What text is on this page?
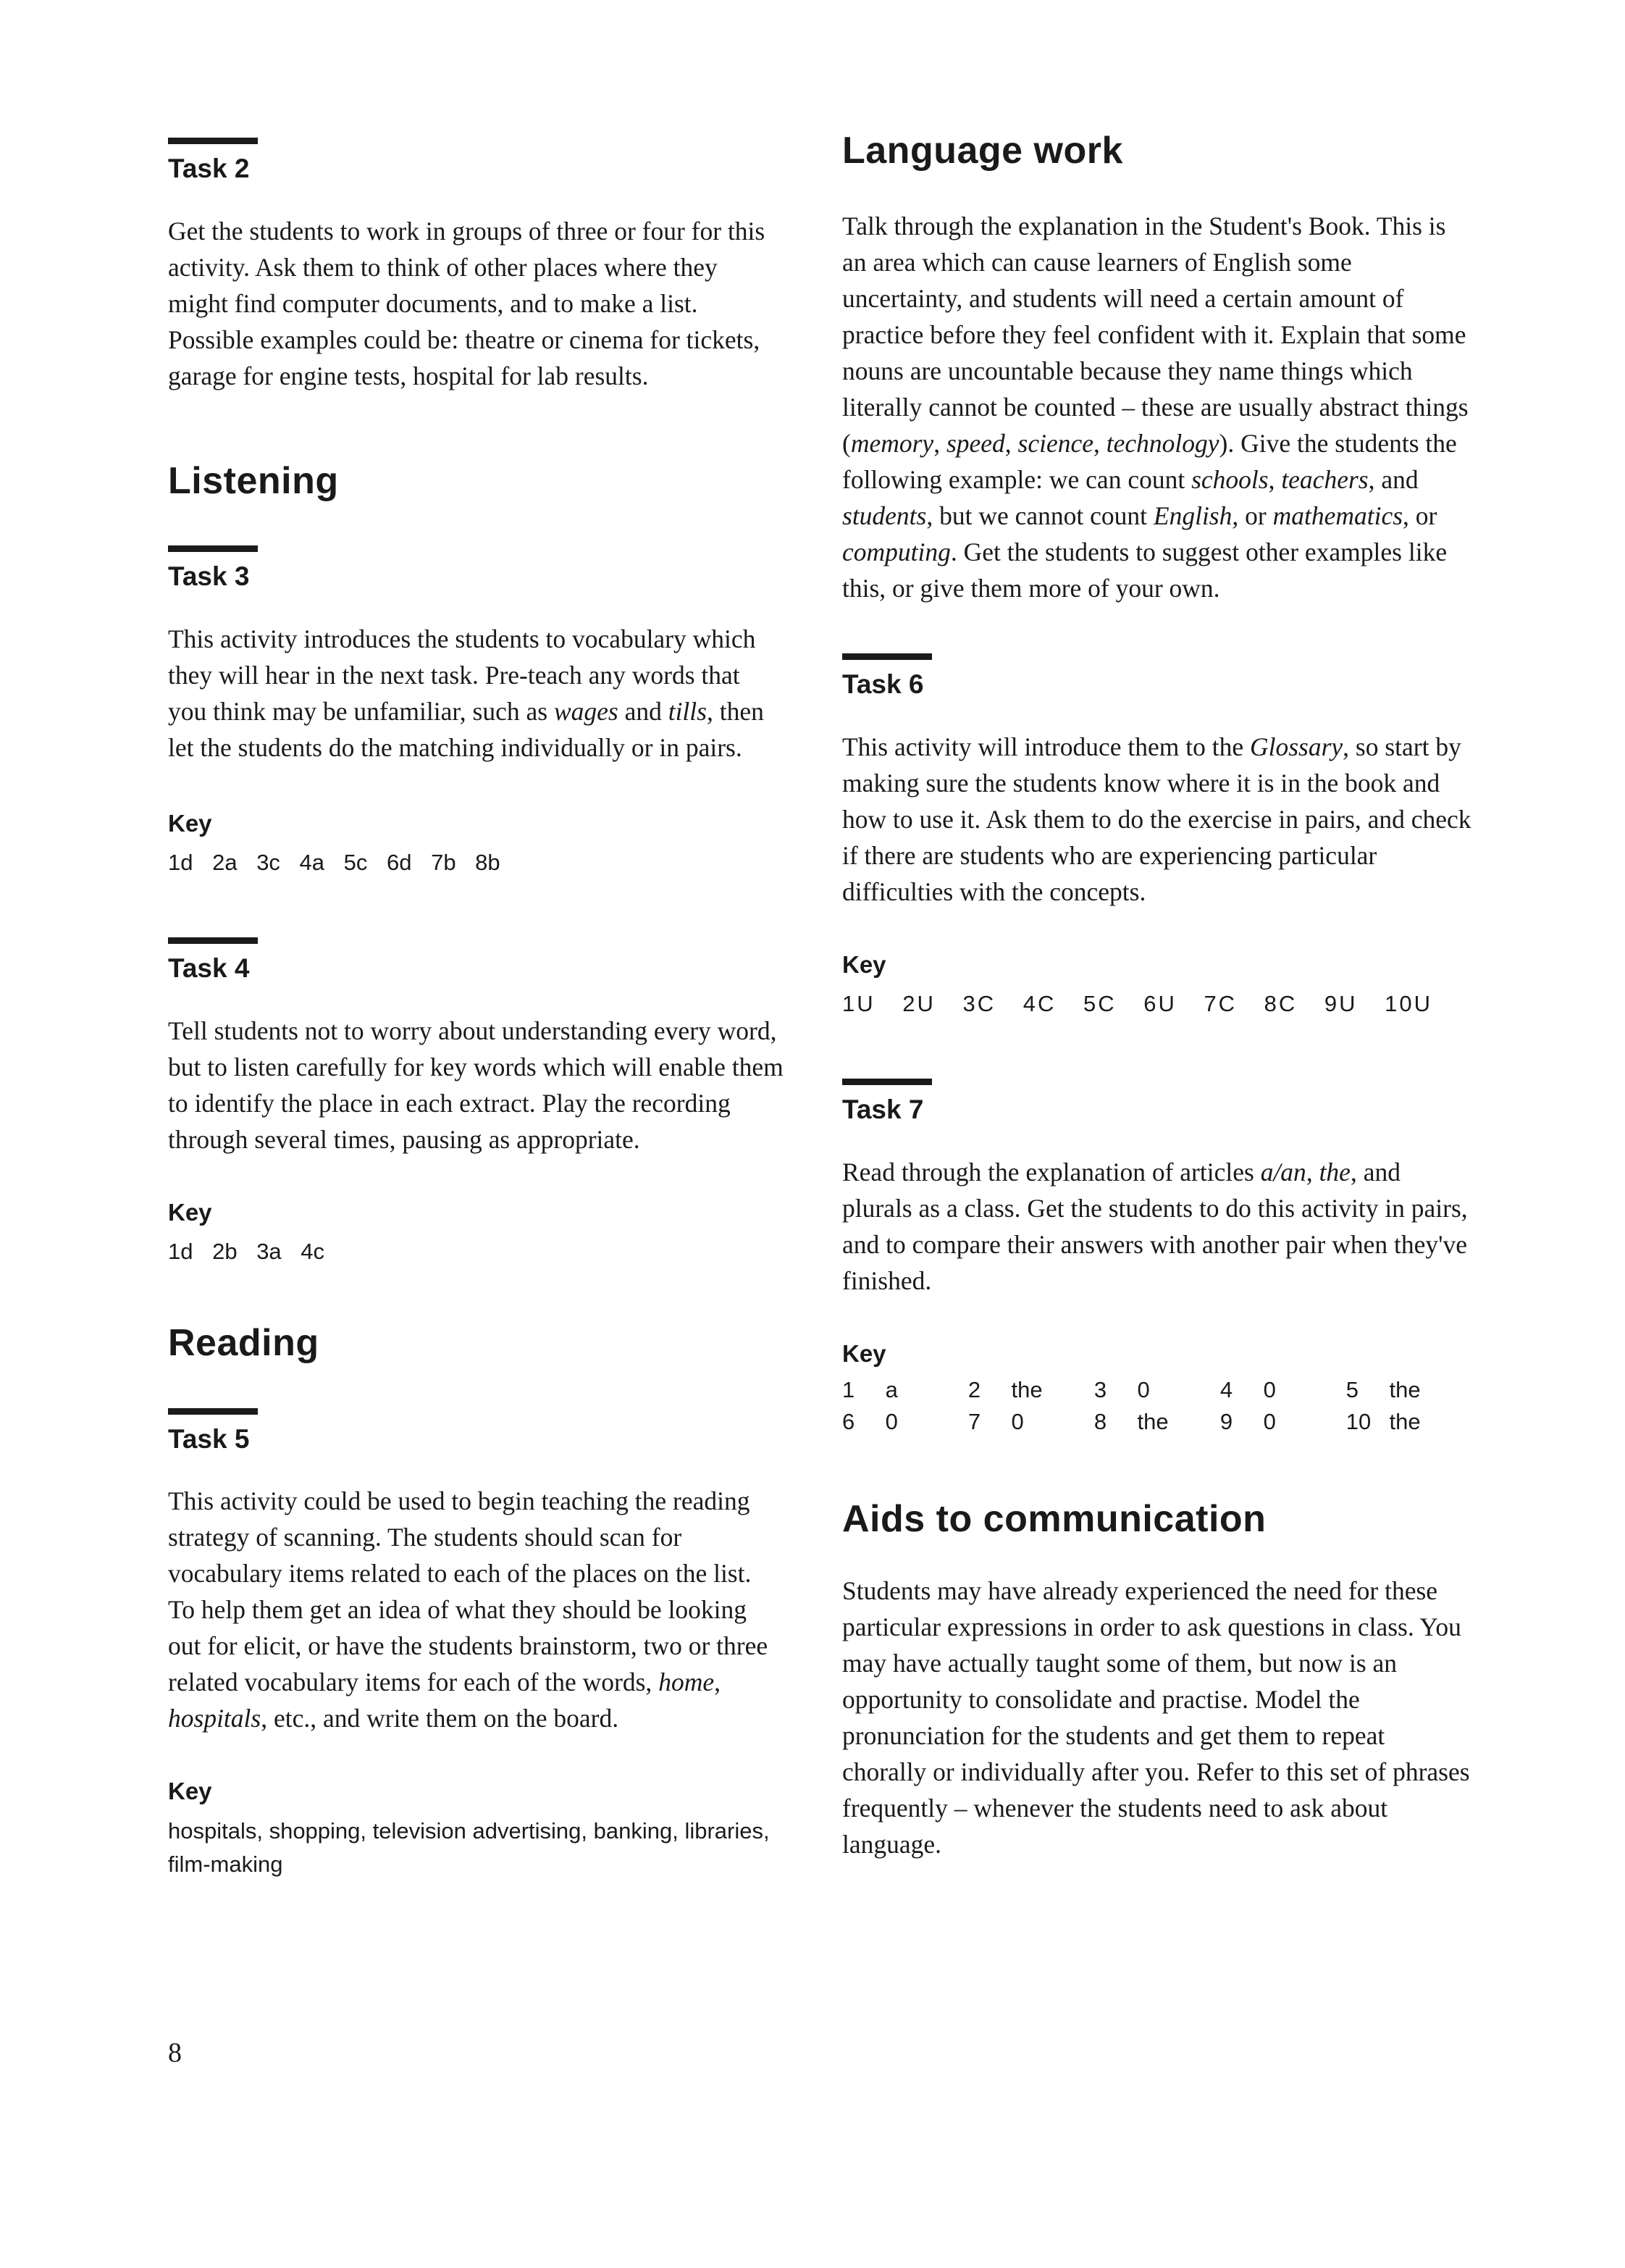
Task 2

Get the students to work in groups of three or four for this activity. Ask them to think of other places where they might find computer documents, and to make a list. Possible examples could be: theatre or cinema for tickets, garage for engine tests, hospital for lab results.

Listening
Task 3

This activity introduces the students to vocabulary which they will hear in the next task. Pre-teach any words that you think may be unfamiliar, such as wages and tills, then let the students do the matching individually or in pairs.

Key

1d 2a 3c 4a 5c 6d 7b 8b

Task 4

Tell students not to worry about understanding every word, but to listen carefully for key words which will enable them to identify the place in each extract. Play the recording through several times, pausing as appropriate.

Key

1d 2b 3a 4c

Reading
Task 5

This activity could be used to begin teaching the reading strategy of scanning. The students should scan for vocabulary items related to each of the places on the list. To help them get an idea of what they should be looking out for elicit, or have the students brainstorm, two or three related vocabulary items for each of the words, home, hospitals, etc., and write them on the board.

Key

hospitals, shopping, television advertising, banking, libraries, film-making

Language work

Talk through the explanation in the Student's Book. This is an area which can cause learners of English some uncertainty, and students will need a certain amount of practice before they feel confident with it. Explain that some nouns are uncountable because they name things which literally cannot be counted – these are usually abstract things (memory, speed, science, technology). Give the students the following example: we can count schools, teachers, and students, but we cannot count English, or mathematics, or computing. Get the students to suggest other examples like this, or give them more of your own.

Task 6

This activity will introduce them to the Glossary, so start by making sure the students know where it is in the book and how to use it. Ask them to do the exercise in pairs, and check if there are students who are experiencing particular difficulties with the concepts.

Key

1U 2U 3C 4C 5C 6U 7C 8C 9U 10U

Task 7

Read through the explanation of articles a/an, the, and plurals as a class. Get the students to do this activity in pairs, and to compare their answers with another pair when they've finished.

Key
1	a	2	the	3	0	4	0	5	the
6	0	7	0	8	the	9	0	10	the
Aids to communication

Students may have already experienced the need for these particular expressions in order to ask questions in class. You may have actually taught some of them, but now is an opportunity to consolidate and practise. Model the pronunciation for the students and get them to repeat chorally or individually after you. Refer to this set of phrases frequently – whenever the students need to ask about language.

8
